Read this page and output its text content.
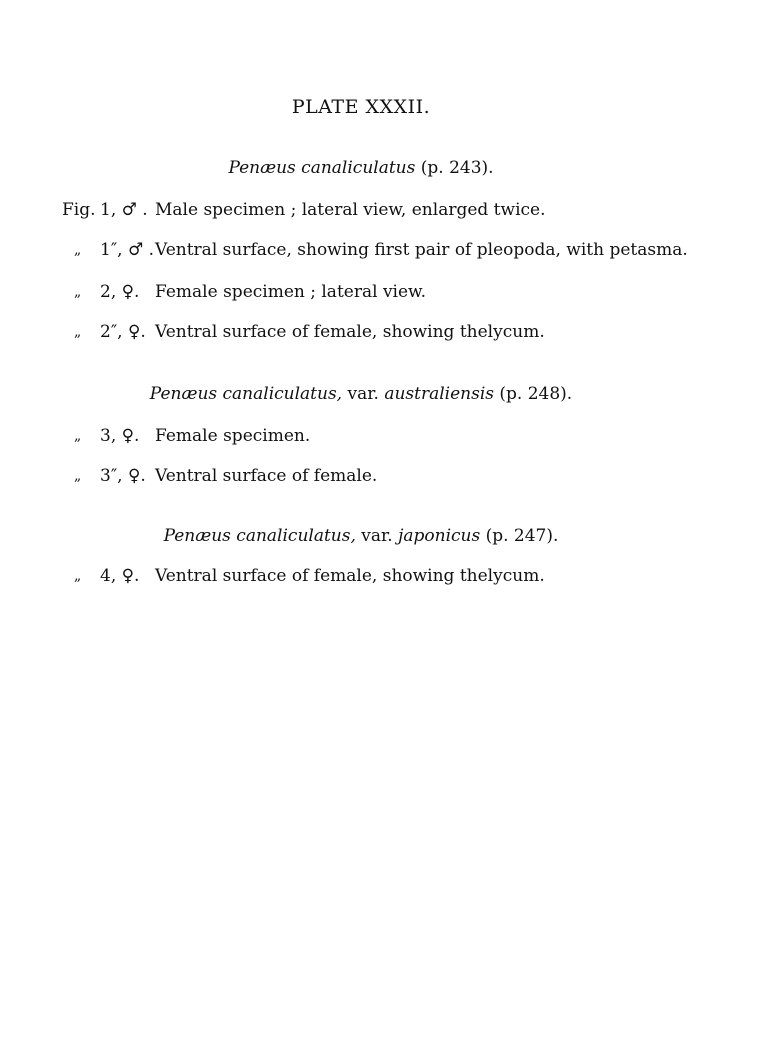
PLATE XXXII.
Penæus canaliculatus (p. 243).
Fig. 1, ♂ . Male specimen ; lateral view, enlarged twice.
„ 1″, ♂ . Ventral surface, showing first pair of pleopoda, with petasma.
„ 2, ♀. Female specimen ; lateral view.
„ 2″, ♀. Ventral surface of female, showing thelycum.
Penæus canaliculatus, var. australiensis (p. 248).
„ 3, ♀. Female specimen.
„ 3″, ♀. Ventral surface of female.
Penæus canaliculatus, var. japonicus (p. 247).
„ 4, ♀. Ventral surface of female, showing thelycum.
